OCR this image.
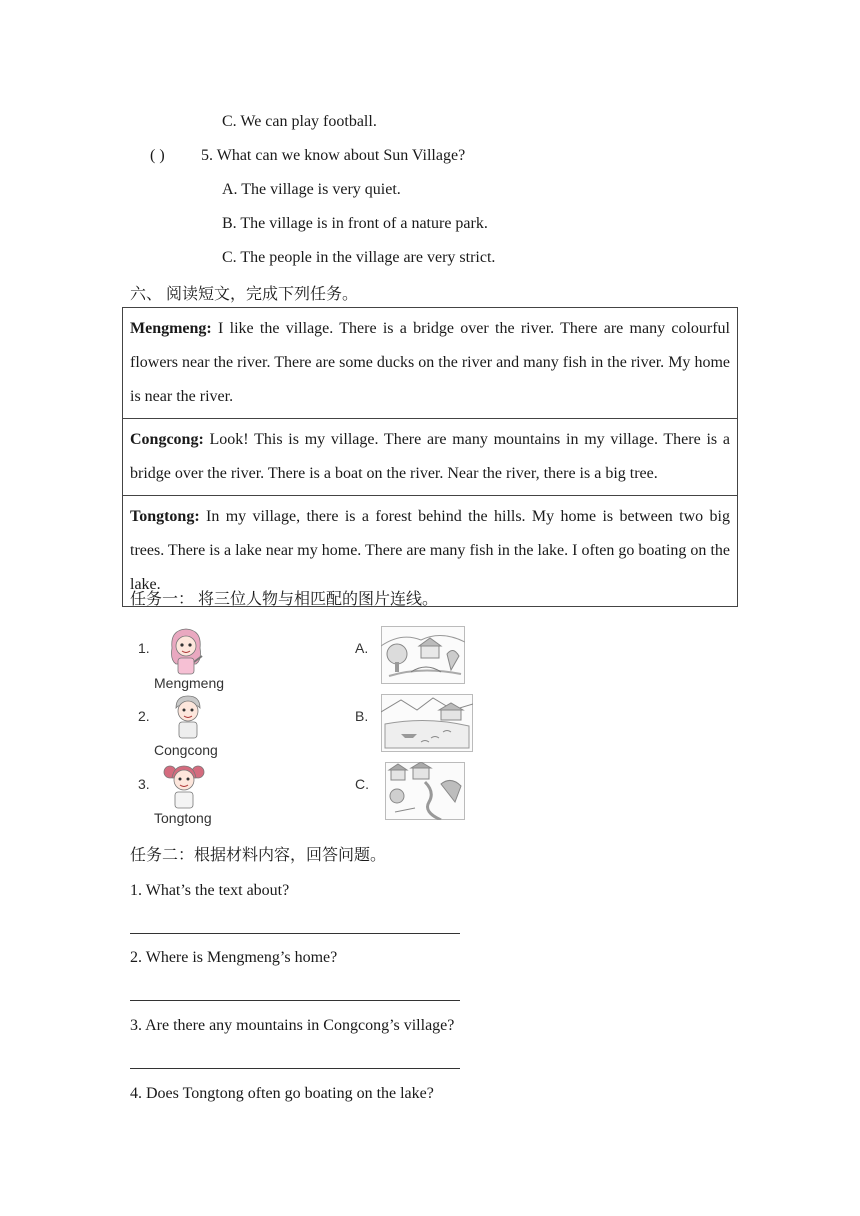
C. We can play football.
( ) 5. What can we know about Sun Village?
A. The village is very quiet.
B. The village is in front of a nature park.
C. The people in the village are very strict.
六、 阅读短文，完成下列任务。
Mengmeng: I like the village. There is a bridge over the river. There are many colourful flowers near the river. There are some ducks on the river and many fish in the river. My home is near the river.
Congcong: Look! This is my village. There are many mountains in my village. There is a bridge over the river. There is a boat on the river. Near the river, there is a big tree.
Tongtong: In my village, there is a forest behind the hills. My home is between two big trees. There is a lake near my home. There are many fish in the lake. I often go boating on the lake.
任务一： 将三位人物与相匹配的图片连线。
1.
Mengmeng
2.
Congcong
3.
Tongtong
A.
B.
C.
任务二：根据材料内容，回答问题。
1. What’s the text about?
2. Where is Mengmeng’s home?
3. Are there any mountains in Congcong’s village?
4. Does Tongtong often go boating on the lake?
